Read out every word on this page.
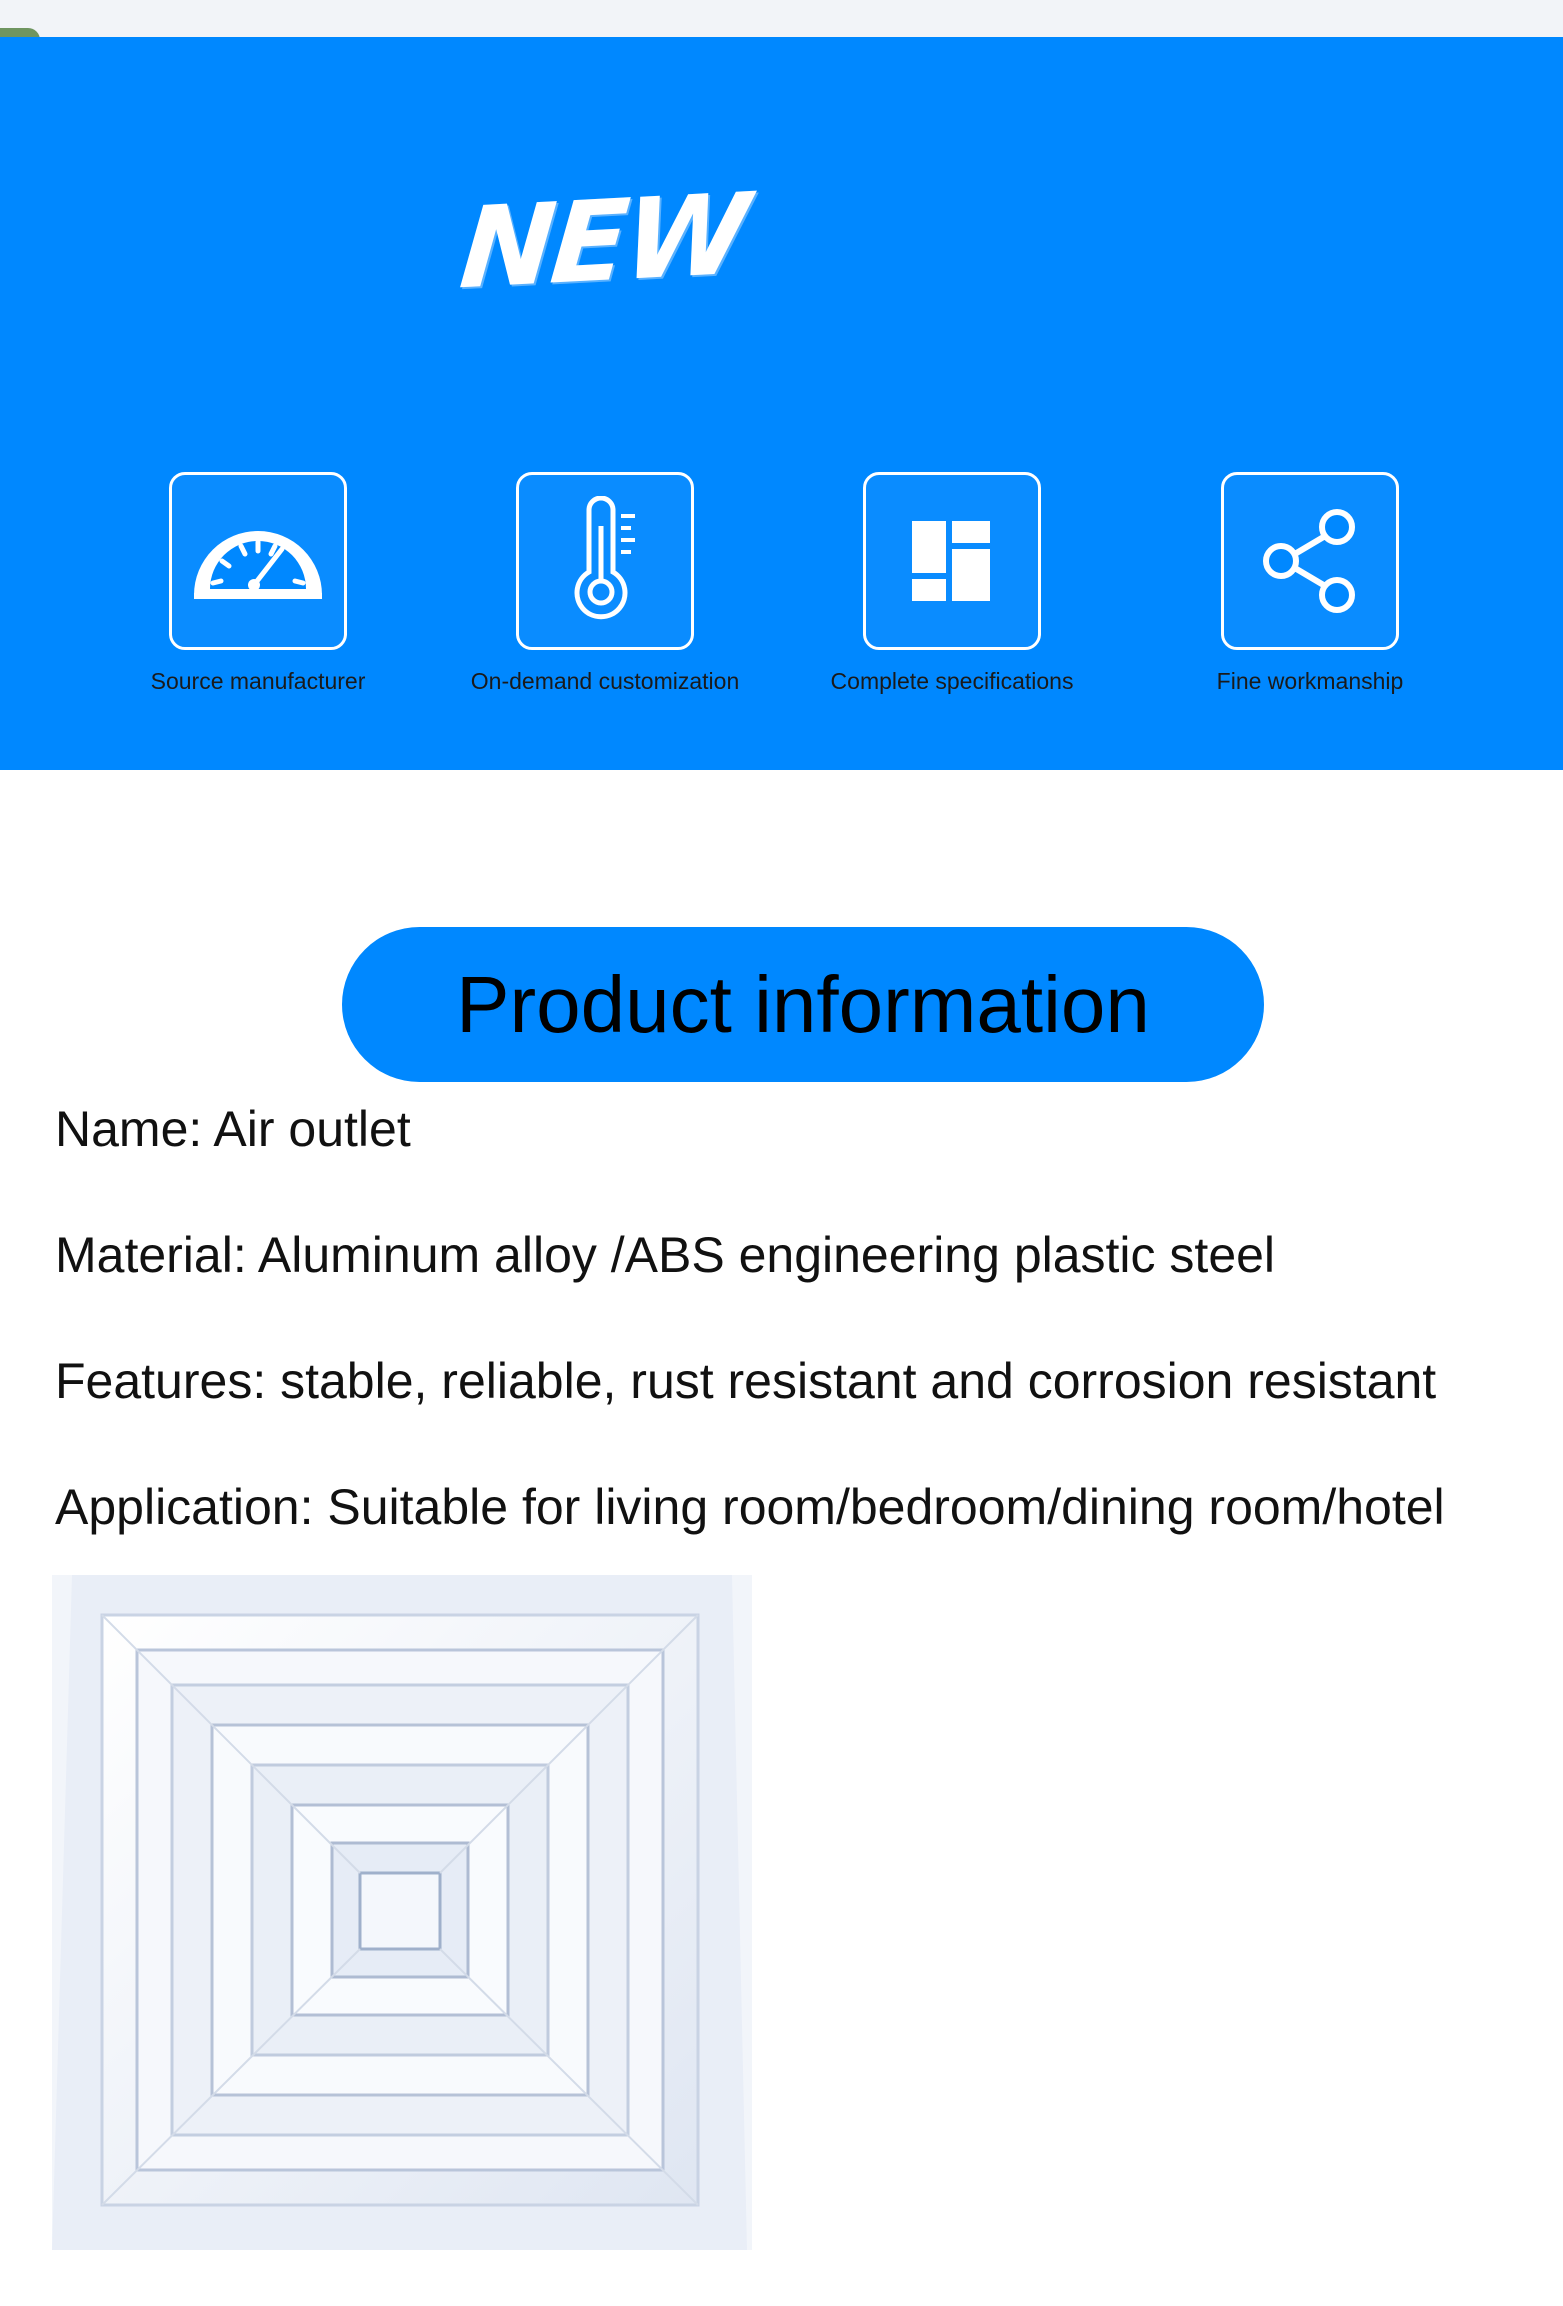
NEW
Source manufacturer	On-demand customization	Complete specifications	Fine workmanship
Product information
Name: Air outlet
Material: Aluminum alloy /ABS engineering plastic steel
Features: stable, reliable, rust resistant and corrosion resistant
Application: Suitable for living room/bedroom/dining room/hotel
